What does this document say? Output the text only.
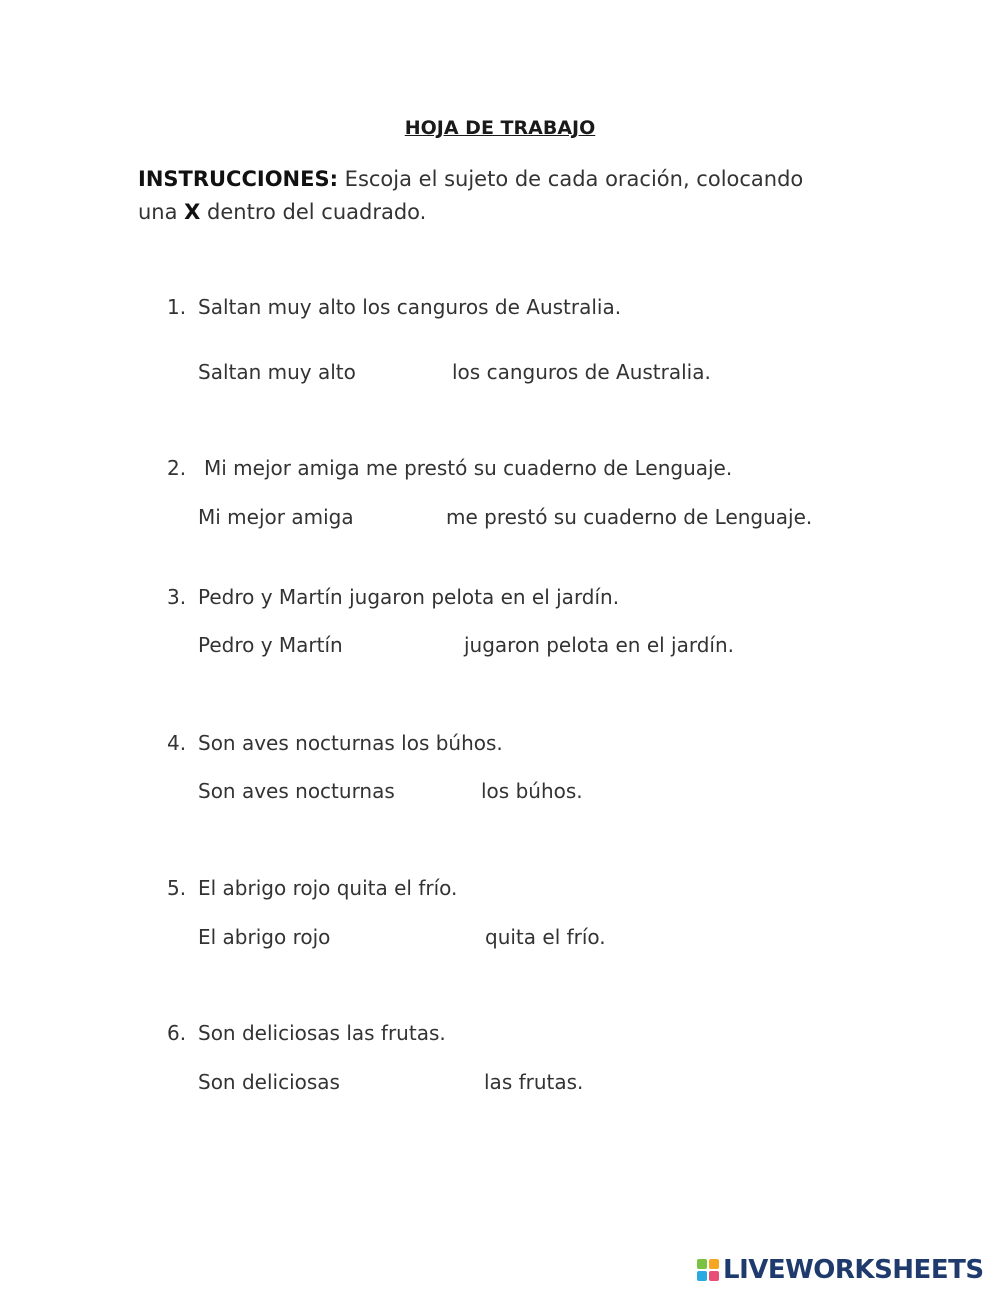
HOJA DE TRABAJO
INSTRUCCIONES: Escoja el sujeto de cada oración, colocando
una X dentro del cuadrado.
1. Saltan muy alto los canguros de Australia.
Saltan muy alto	los canguros de Australia.
2. Mi mejor amiga me prestó su cuaderno de Lenguaje.
Mi mejor amiga	me prestó su cuaderno de Lenguaje.
3. Pedro y Martín jugaron pelota en el jardín.
Pedro y Martín	jugaron pelota en el jardín.
4. Son aves nocturnas los búhos.
Son aves nocturnas	los búhos.
5. El abrigo rojo quita el frío.
El abrigo rojo	quita el frío.
6. Son deliciosas las frutas.
Son deliciosas	las frutas.
LIVEWORKSHEETS
